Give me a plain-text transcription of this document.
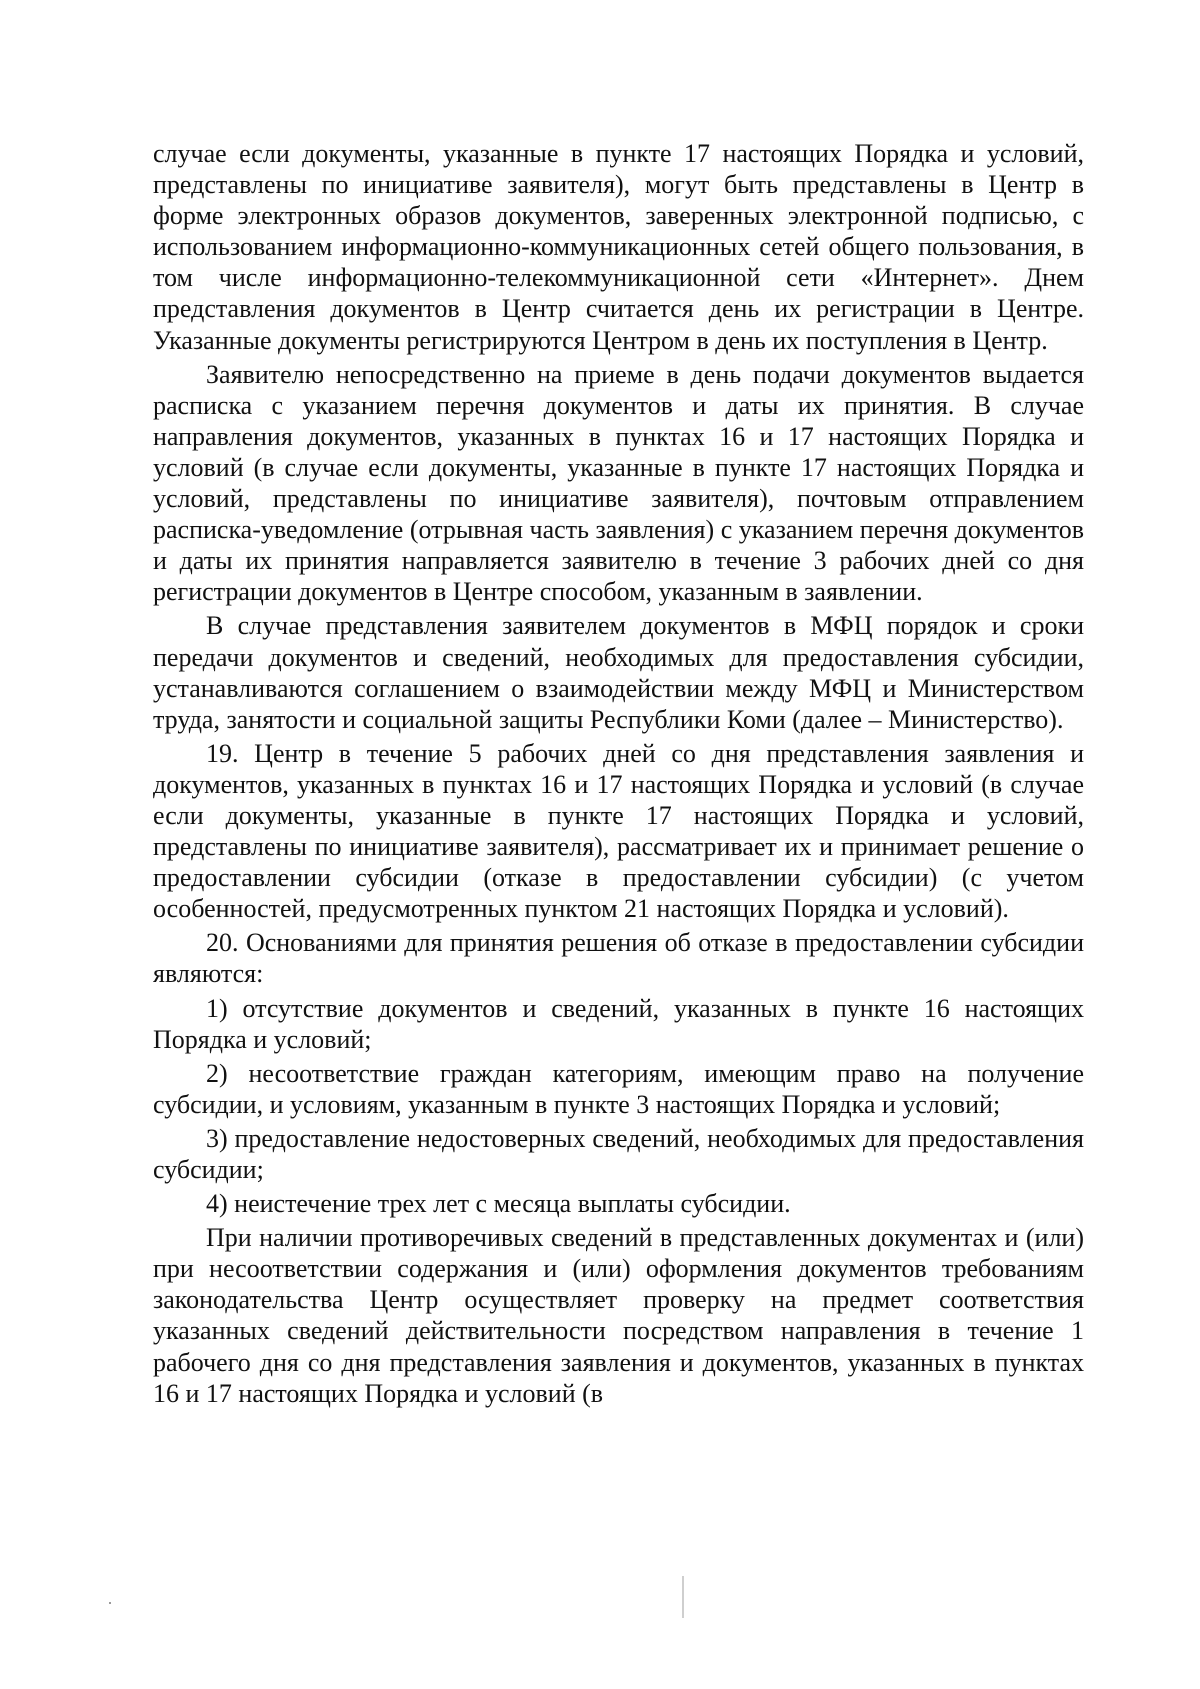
случае если документы, указанные в пункте 17 настоящих Порядка и условий, представлены по инициативе заявителя), могут быть представлены в Центр в форме электронных образов документов, заверенных электронной подписью, с использованием информационно-коммуникационных сетей общего пользования, в том числе информационно-телекоммуникационной сети «Интернет». Днем представления документов в Центр считается день их регистрации в Центре. Указанные документы регистрируются Центром в день их поступления в Центр.

Заявителю непосредственно на приеме в день подачи документов выдается расписка с указанием перечня документов и даты их принятия. В случае направления документов, указанных в пунктах 16 и 17 настоящих Порядка и условий (в случае если документы, указанные в пункте 17 настоящих Порядка и условий, представлены по инициативе заявителя), почтовым отправлением расписка-уведомление (отрывная часть заявления) с указанием перечня документов и даты их принятия направляется заявителю в течение 3 рабочих дней со дня регистрации документов в Центре способом, указанным в заявлении.

В случае представления заявителем документов в МФЦ порядок и сроки передачи документов и сведений, необходимых для предоставления субсидии, устанавливаются соглашением о взаимодействии между МФЦ и Министерством труда, занятости и социальной защиты Республики Коми (далее – Министерство).

19. Центр в течение 5 рабочих дней со дня представления заявления и документов, указанных в пунктах 16 и 17 настоящих Порядка и условий (в случае если документы, указанные в пункте 17 настоящих Порядка и условий, представлены по инициативе заявителя), рассматривает их и принимает решение о предоставлении субсидии (отказе в предоставлении субсидии) (с учетом особенностей, предусмотренных пунктом 21 настоящих Порядка и условий).

20. Основаниями для принятия решения об отказе в предоставлении субсидии являются:

1) отсутствие документов и сведений, указанных в пункте 16 настоящих Порядка и условий;

2) несоответствие граждан категориям, имеющим право на получение субсидии, и условиям, указанным в пункте 3 настоящих Порядка и условий;

3) предоставление недостоверных сведений, необходимых для предоставления субсидии;

4) неистечение трех лет с месяца выплаты субсидии.

При наличии противоречивых сведений в представленных документах и (или) при несоответствии содержания и (или) оформления документов требованиям законодательства Центр осуществляет проверку на предмет соответствия указанных сведений действительности посредством направления в течение 1 рабочего дня со дня представления заявления и документов, указанных в пунктах 16 и 17 настоящих Порядка и условий (в
